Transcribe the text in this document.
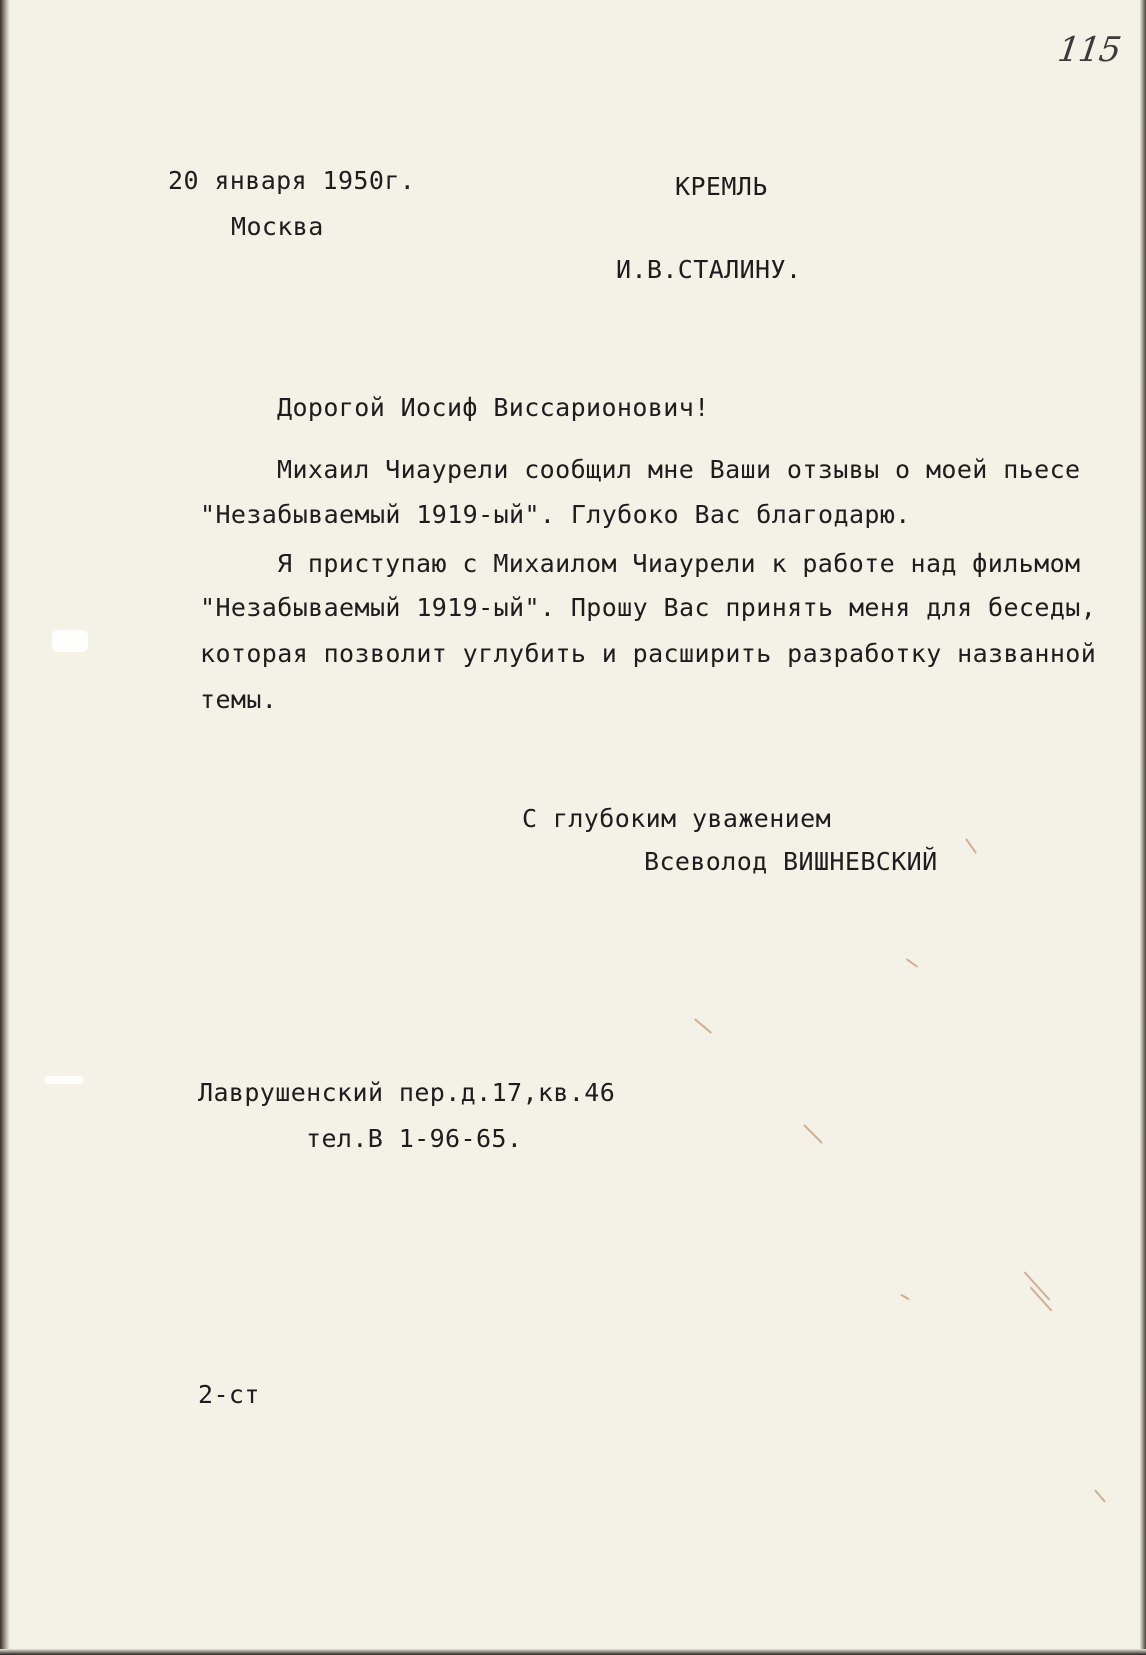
115
20 января 1950г.
Москва
КРЕМЛЬ
И.В.СТАЛИНУ.
Дорогой Иосиф Виссарионович!
Михаил Чиаурели сообщил мне Ваши отзывы о моей пьесе
"Незабываемый 1919-ый". Глубоко Вас благодарю.
Я приступаю с Михаилом Чиаурели к работе над фильмом
"Незабываемый 1919-ый". Прошу Вас принять меня для беседы,
которая позволит углубить и расширить разработку названной
темы.
С глубоким уважением
Всеволод ВИШНЕВСКИЙ
Лаврушенский пер.д.17,кв.46
тел.В 1-96-65.
2-ст
